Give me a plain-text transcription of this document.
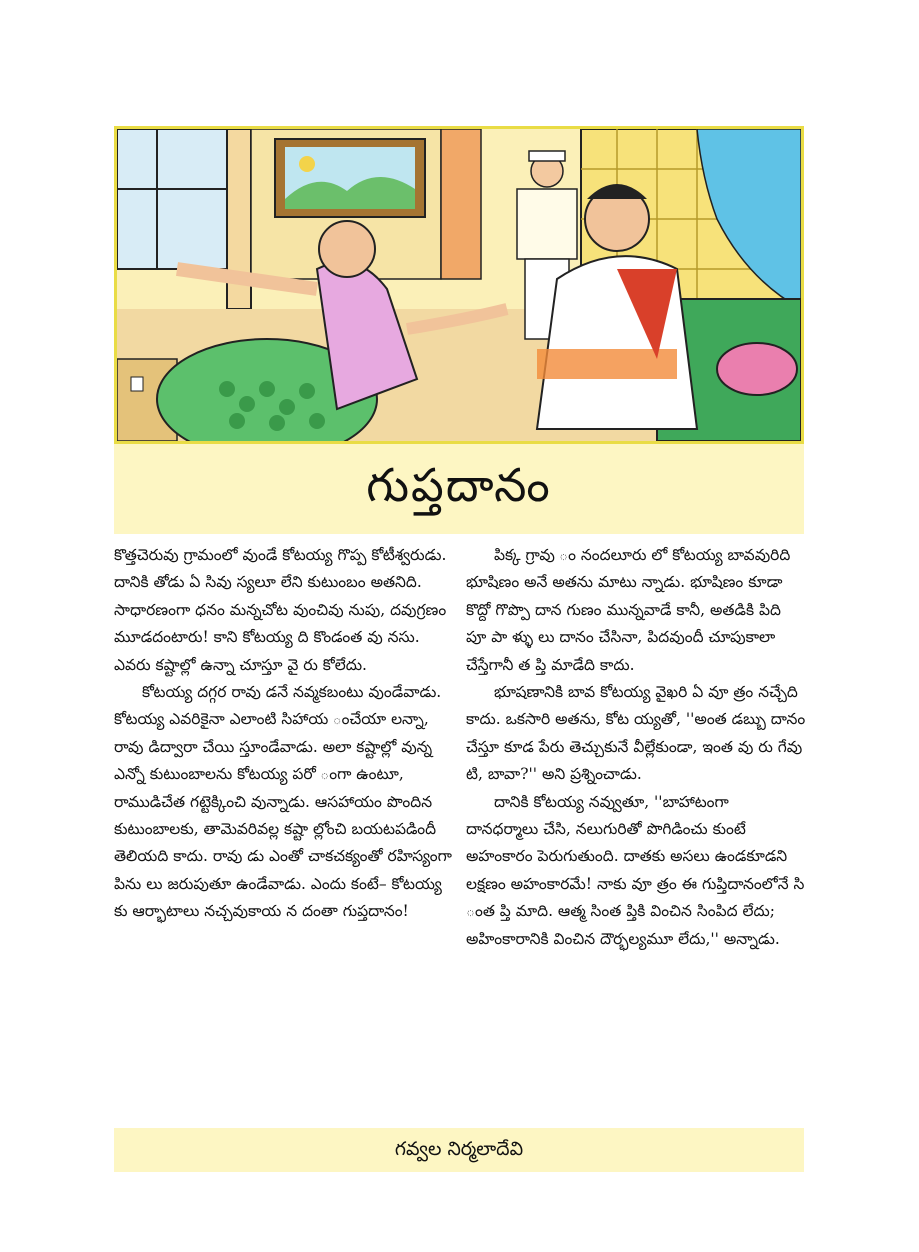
గుప్తదానం

కొత్తచెరువు గ్రామంలో వుండే కోటయ్య గొప్ప కోటీశ్వరుడు. దానికి తోడు ఏ సివు స్యలూ లేని కుటుంబం అతనిది. సాధారణంగా ధనం మన్నచోట వుంచివు నుపు, దవుగ్రణం మూడదంటారు! కాని కోటయ్య ది కొండంత వు నసు. ఎవరు కష్టాల్లో ఉన్నా చూస్తూ వై రు కోలేదు.

కోటయ్య దగ్గర రావు డనే నవ్మకబంటు వుండేవాడు. కోటయ్య ఎవరికైనా ఎలాంటి సిహాయ ంచేయా లన్నా, రావు డిద్వారా చేయి స్తూండేవాడు. అలా కష్టాల్లో వున్న ఎన్నో కుటుంబాలను కోటయ్య పరో ంగా ఉంటూ, రాముడిచేత గట్టెక్కించి వున్నాడు. ఆసహాయం పొందిన కుటుంబాలకు, తామెవరివల్ల కష్టా ల్లోంచి బయటపడిందీ తెలియది కాదు. రావు డు ఎంతో చాకచక్యంతో రహిస్యంగా పిను లు జరుపుతూ ఉండేవాడు. ఎందు కంటే– కోటయ్య కు ఆర్భాటాలు నచ్చవుకాయ న దంతా గుప్తదానం!

పిక్క గ్రావు ం నందలూరు లో కోటయ్య బావవురిది భూషిణం అనే అతను మాటు న్నాడు. భూషిణం కూడా కొద్దో గొప్పొ దాన గుణం మున్నవాడే కానీ, అతడికి పిది పూ పా ళ్ళు లు దానం చేసినా, పిదవుందీ చూపుకాలా చేస్తేగానీ త ప్తి మాడేది కాదు.

భూషణానికి బావ కోటయ్య వైఖరి ఏ వూ త్రం నచ్చేది కాదు. ఒకసారి అతను, కోట య్యతో, ''అంత డబ్బు దానం చేస్తూ కూడ పేరు తెచ్చుకునే వీల్లేకుండా, ఇంత వు రు గేవు టి, బావా?'' అని ప్రశ్నించాడు.

దానికి కోటయ్య నవ్వుతూ, ''బాహాటంగా దానధర్మాలు చేసి, నలుగురితో పొగిడించు కుంటే అహంకారం పెరుగుతుంది. దాతకు అసలు ఉండకూడని లక్షణం అహంకారమే! నాకు వూ త్రం ఈ గుప్తిదానంలోనే సి ంత ప్తి మాది. ఆత్మ సింత ప్తికి వించిన సింపిద లేదు; అహింకారానికి వించిన దౌర్భల్యమూ లేదు,'' అన్నాడు.

గవ్వల నిర్మలాదేవి
